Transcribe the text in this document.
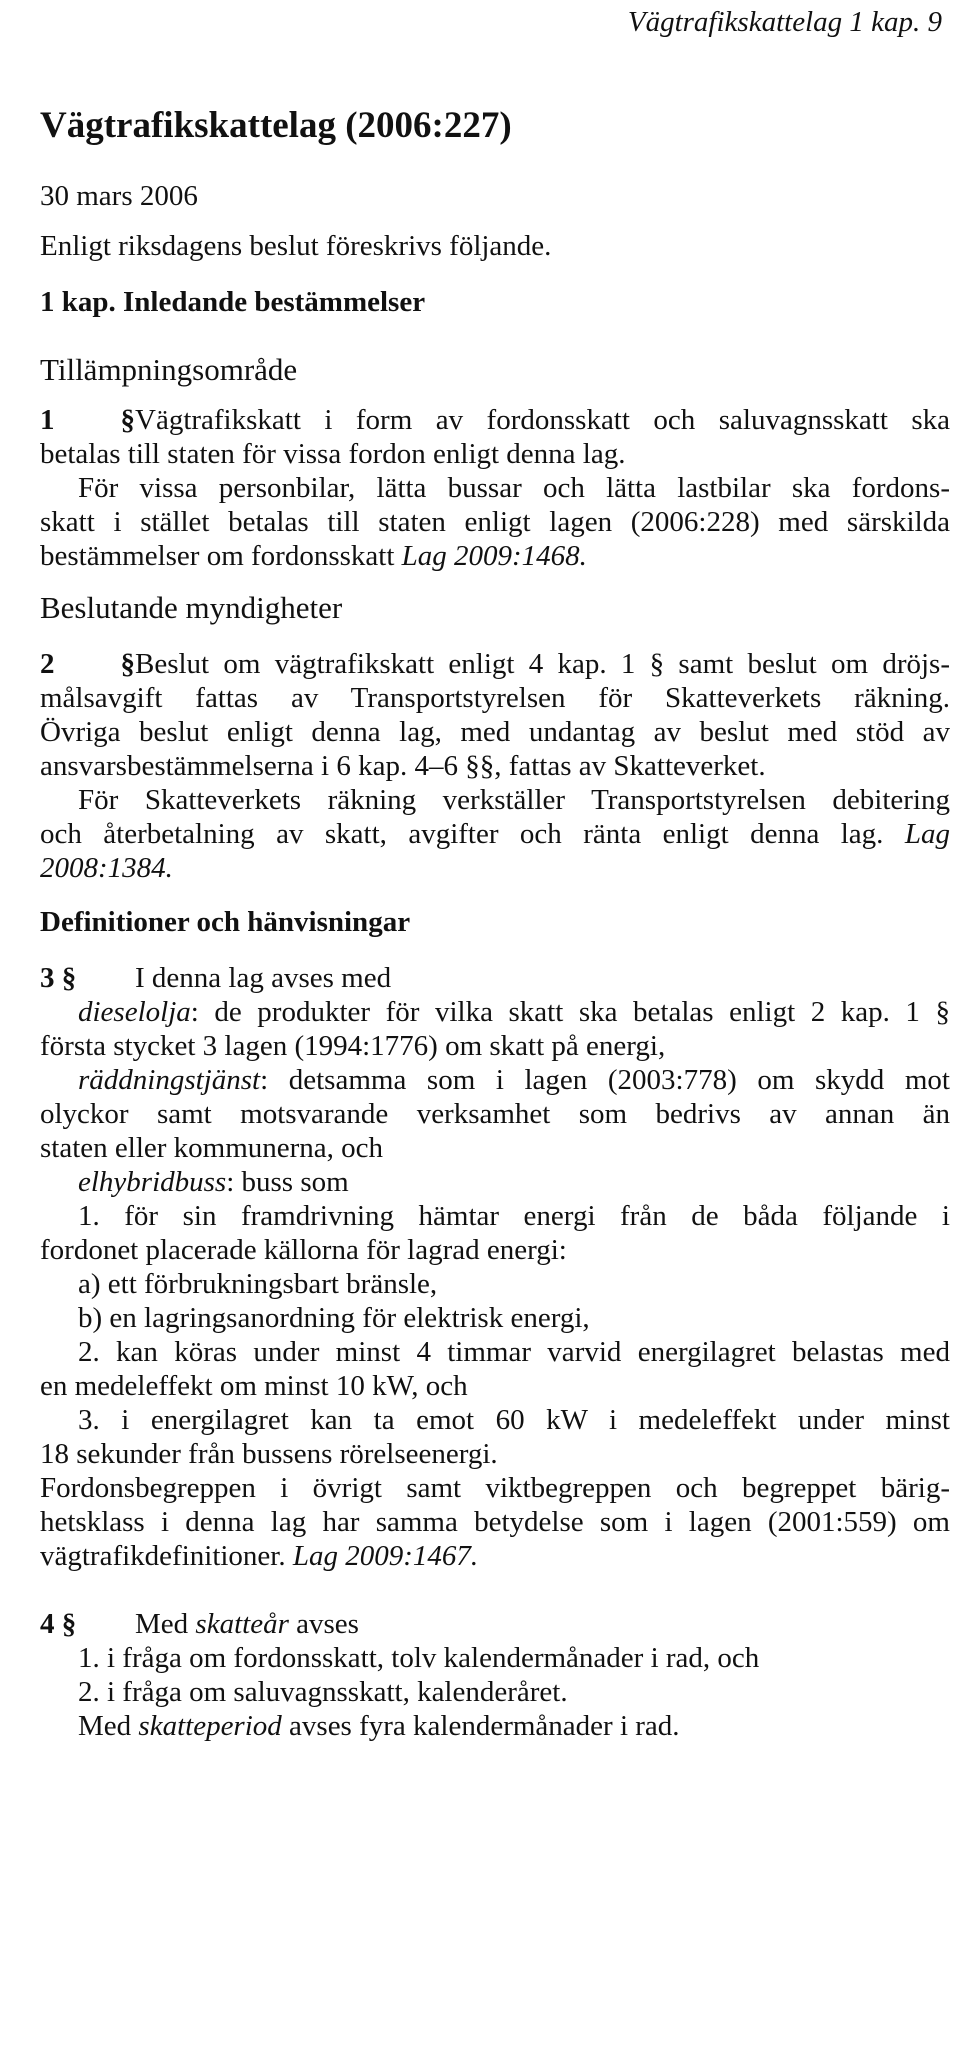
Vägtrafikskattelag 1 kap. 9
Vägtrafikskattelag (2006:227)
30 mars 2006
Enligt riksdagens beslut föreskrivs följande.
1 kap. Inledande bestämmelser
Tillämpningsområde
1 §Vägtrafikskatt i form av fordonsskatt och saluvagnsskatt ska
betalas till staten för vissa fordon enligt denna lag.
För vissa personbilar, lätta bussar och lätta lastbilar ska fordons-
skatt i stället betalas till staten enligt lagen (2006:228) med särskilda
bestämmelser om fordonsskatt Lag 2009:1468.
Beslutande myndigheter
2 §Beslut om vägtrafikskatt enligt 4 kap. 1 § samt beslut om dröjs-
målsavgift fattas av Transportstyrelsen för Skatteverkets räkning.
Övriga beslut enligt denna lag, med undantag av beslut med stöd av
ansvarsbestämmelserna i 6 kap. 4–6 §§, fattas av Skatteverket.
För Skatteverkets räkning verkställer Transportstyrelsen debitering
och återbetalning av skatt, avgifter och ränta enligt denna lag. Lag
2008:1384.
Definitioner och hänvisningar
3 § I denna lag avses med
dieselolja: de produkter för vilka skatt ska betalas enligt 2 kap. 1 §
första stycket 3 lagen (1994:1776) om skatt på energi,
räddningstjänst: detsamma som i lagen (2003:778) om skydd mot
olyckor samt motsvarande verksamhet som bedrivs av annan än
staten eller kommunerna, och
elhybridbuss: buss som
1. för sin framdrivning hämtar energi från de båda följande i
fordonet placerade källorna för lagrad energi:
a) ett förbrukningsbart bränsle,
b) en lagringsanordning för elektrisk energi,
2. kan köras under minst 4 timmar varvid energilagret belastas med
en medeleffekt om minst 10 kW, och
3. i energilagret kan ta emot 60 kW i medeleffekt under minst
18 sekunder från bussens rörelseenergi.
Fordonsbegreppen i övrigt samt viktbegreppen och begreppet bärig-
hetsklass i denna lag har samma betydelse som i lagen (2001:559) om
vägtrafikdefinitioner. Lag 2009:1467.
4 § Med skatteår avses
1. i fråga om fordonsskatt, tolv kalendermånader i rad, och
2. i fråga om saluvagnsskatt, kalenderåret.
Med skatteperiod avses fyra kalendermånader i rad.
